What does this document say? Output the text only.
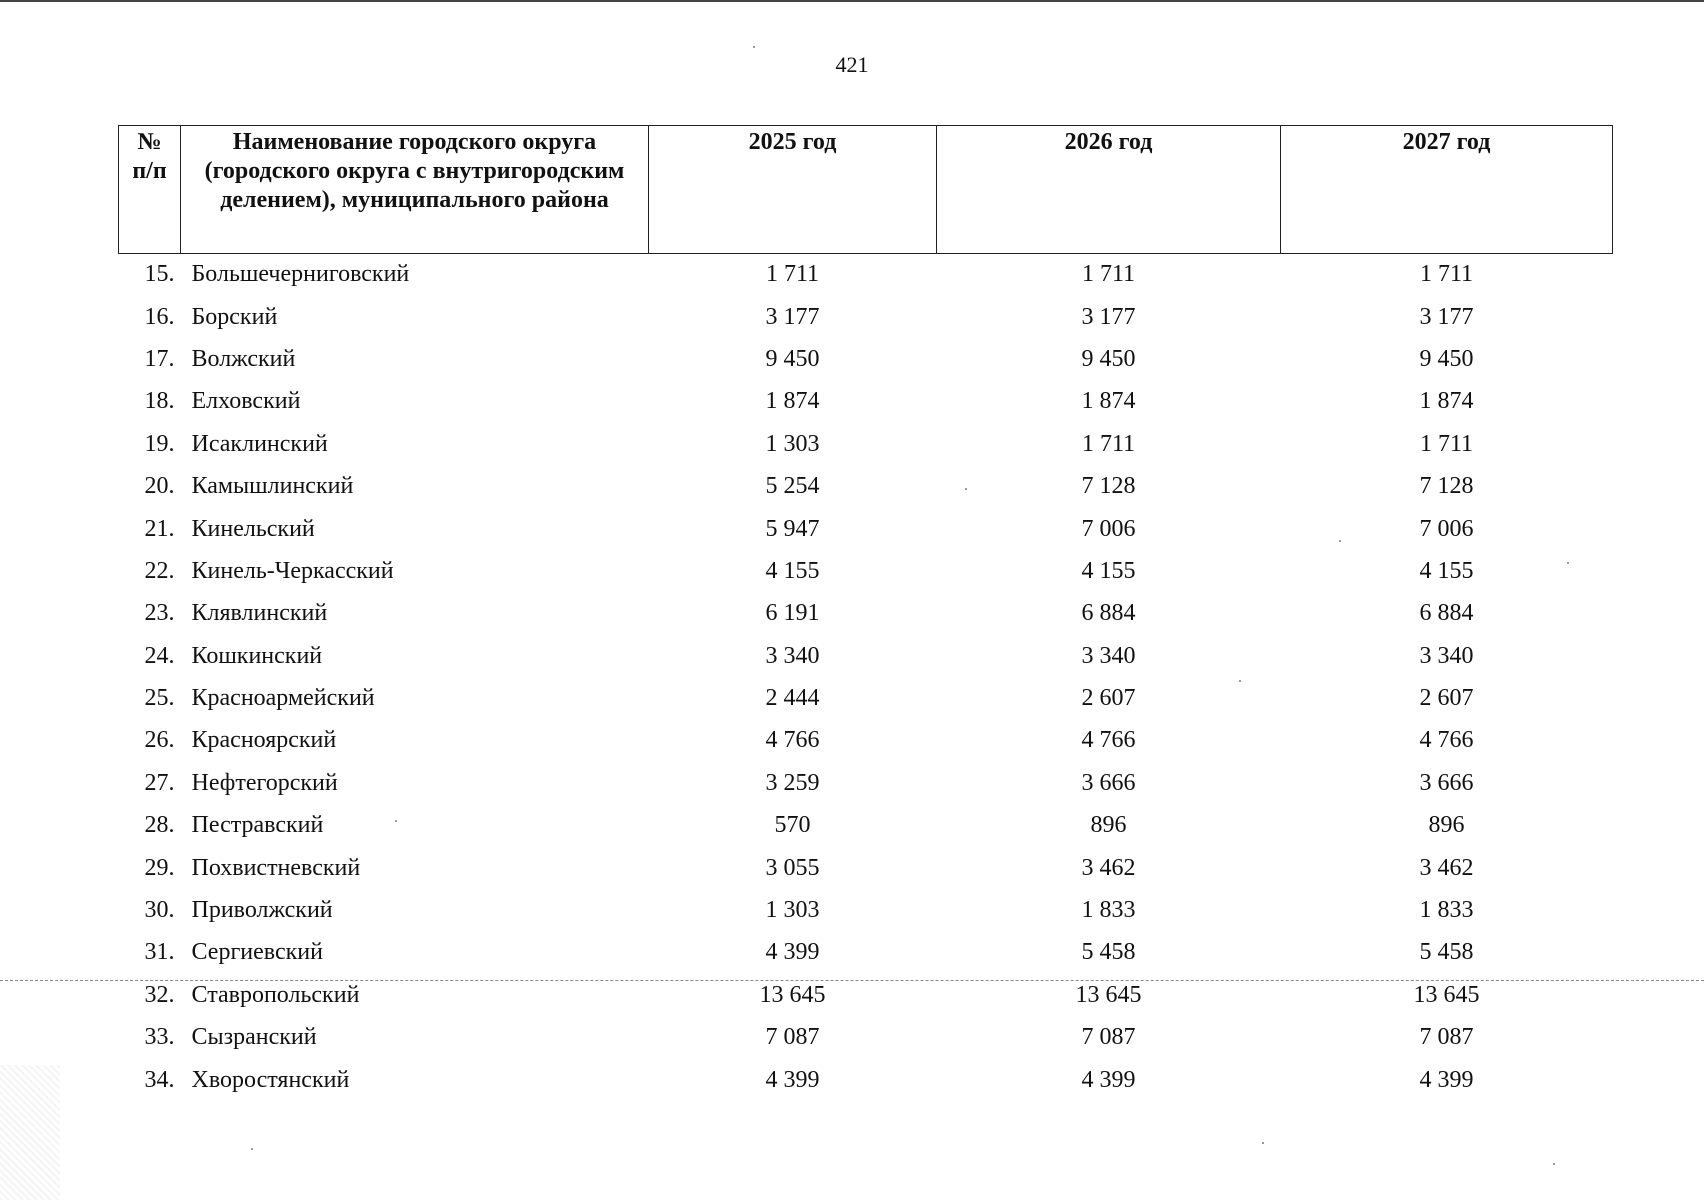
421
№ п/п	Наименование городского округа (городского округа с внутригородским делением), муниципального района	2025 год	2026 год	2027 год
15.	Большечерниговский	1 711	1 711	1 711
16.	Борский	3 177	3 177	3 177
17.	Волжский	9 450	9 450	9 450
18.	Елховский	1 874	1 874	1 874
19.	Исаклинский	1 303	1 711	1 711
20.	Камышлинский	5 254	7 128	7 128
21.	Кинельский	5 947	7 006	7 006
22.	Кинель-Черкасский	4 155	4 155	4 155
23.	Клявлинский	6 191	6 884	6 884
24.	Кошкинский	3 340	3 340	3 340
25.	Красноармейский	2 444	2 607	2 607
26.	Красноярский	4 766	4 766	4 766
27.	Нефтегорский	3 259	3 666	3 666
28.	Пестравский	570	896	896
29.	Похвистневский	3 055	3 462	3 462
30.	Приволжский	1 303	1 833	1 833
31.	Сергиевский	4 399	5 458	5 458
32.	Ставропольский	13 645	13 645	13 645
33.	Сызранский	7 087	7 087	7 087
34.	Хворостянский	4 399	4 399	4 399
